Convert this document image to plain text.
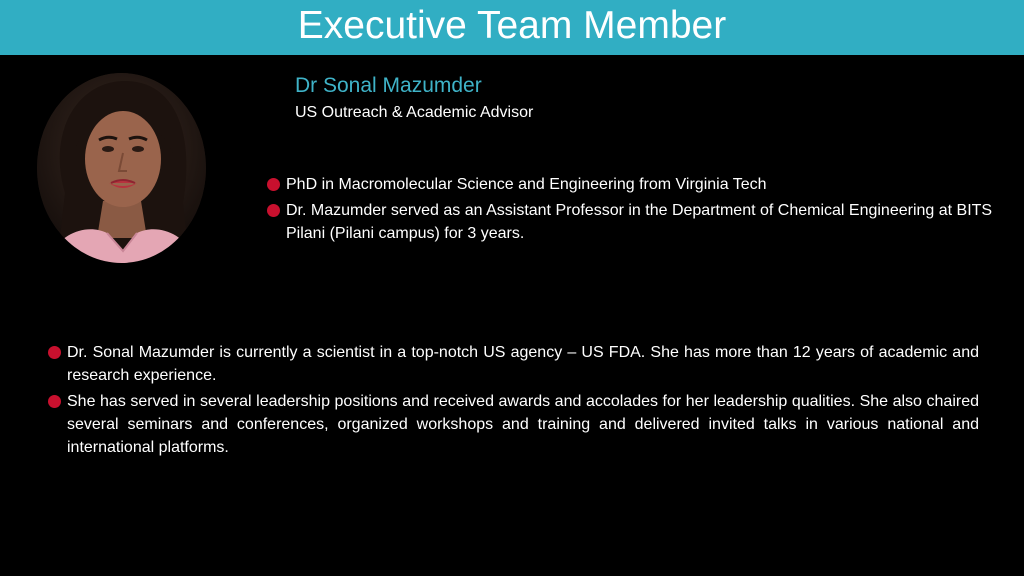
Executive Team Member
Dr Sonal Mazumder
US Outreach & Academic Advisor
PhD in Macromolecular Science and Engineering from Virginia Tech
Dr. Mazumder served as an Assistant Professor in the Department of Chemical Engineering at BITS Pilani (Pilani campus) for 3 years.
Dr. Sonal Mazumder is currently a scientist in a top-notch US agency – US FDA. She has more than 12 years of academic and research experience.
She has served in several leadership positions and received awards and accolades for her leadership qualities. She also chaired several seminars and conferences, organized workshops and training and delivered invited talks in various national and international platforms.
